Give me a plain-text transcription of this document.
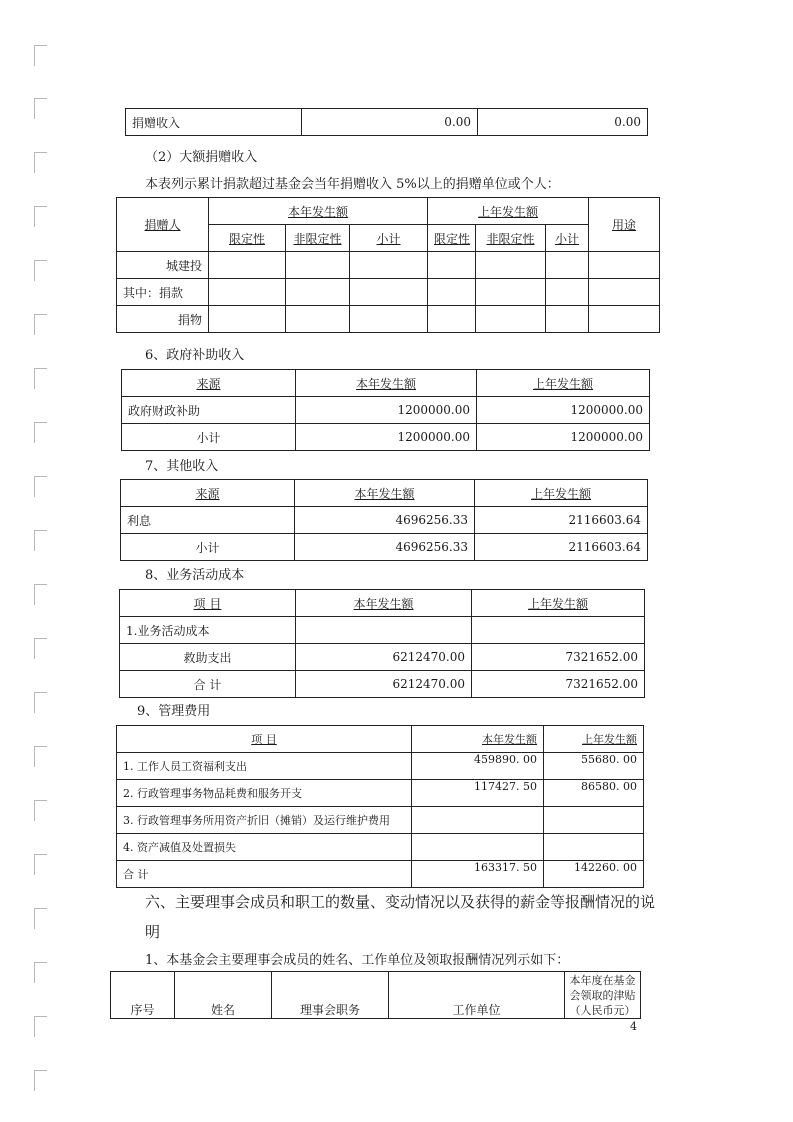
捐赠收入	0.00	0.00
（2）大额捐赠收入
本表列示累计捐款超过基金会当年捐赠收入 5%以上的捐赠单位或个人：
捐赠人	本年发生额			上年发生额			用途
	限定性	非限定性	小计	限定性	非限定性	小计	
城建投							
其中：捐款							
捐物							
6、政府补助收入
来源	本年发生额	上年发生额
政府财政补助	1200000.00	1200000.00
小计	1200000.00	1200000.00
7、其他收入
来源	本年发生额	上年发生额
利息	4696256.33	2116603.64
小计	4696256.33	2116603.64
8、业务活动成本
项 目	本年发生额	上年发生额
1.业务活动成本		
救助支出	6212470.00	7321652.00
合 计	6212470.00	7321652.00
9、管理费用
项 目	本年发生额	上年发生额
1. 工作人员工资福利支出	459890. 00	55680. 00
2. 行政管理事务物品耗费和服务开支	117427. 50	86580. 00
3. 行政管理事务所用资产折旧（摊销）及运行维护费用		
4. 资产减值及处置损失		
合 计	163317. 50	142260. 00
六、主要理事会成员和职工的数量、变动情况以及获得的薪金等报酬情况的说明
1、本基金会主要理事会成员的姓名、工作单位及领取报酬情况列示如下：
序号	姓名	理事会职务	工作单位	本年度在基金会领取的津贴（人民币元）
4
